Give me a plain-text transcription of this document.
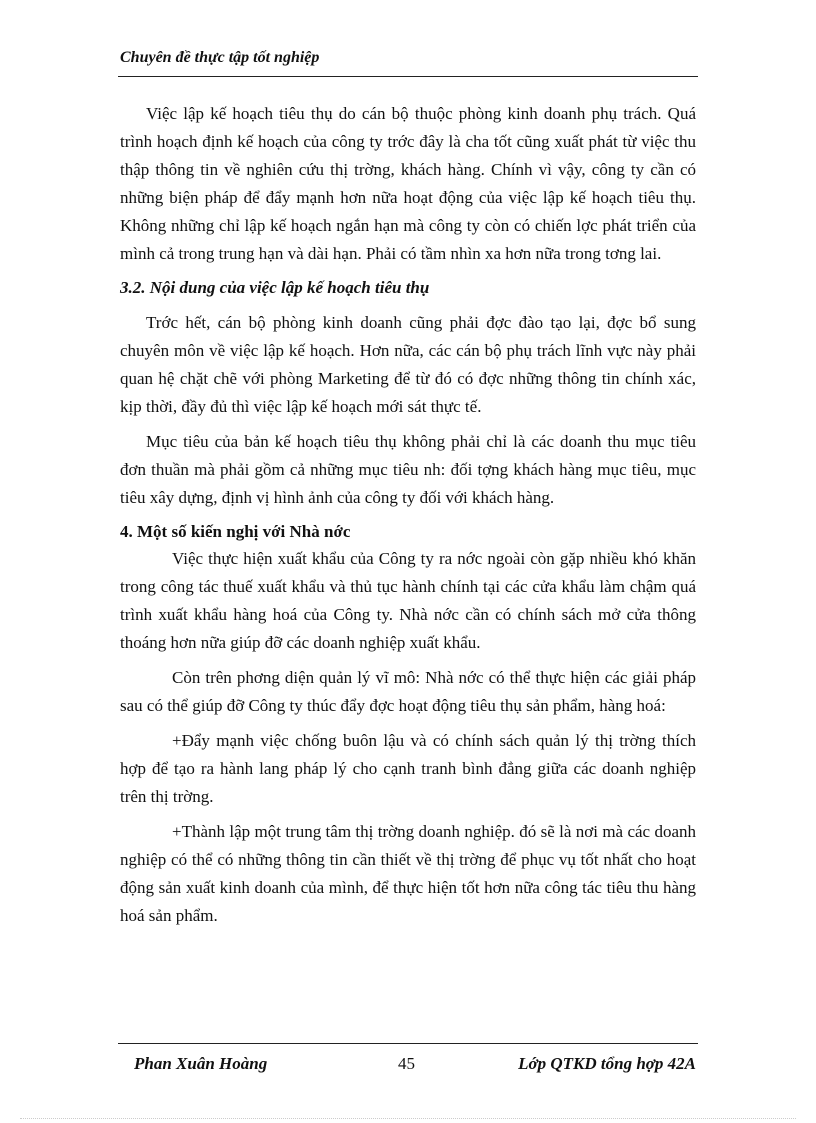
Chuyên đề thực tập tốt nghiệp

Việc lập kế hoạch tiêu thụ do cán bộ thuộc phòng kinh doanh phụ trách. Quá trình hoạch định kế hoạch của công ty trớc đây là cha tốt cũng xuất phát từ việc thu thập thông tin về nghiên cứu thị trờng, khách hàng. Chính vì vậy, công ty cần có những biện pháp để đẩy mạnh hơn nữa hoạt động của việc lập kế hoạch tiêu thụ. Không những chỉ lập kế hoạch ngắn hạn mà công ty còn có chiến lợc phát triển của mình cả trong trung hạn và dài hạn. Phải có tầm nhìn xa hơn nữa trong tơng lai.

3.2. Nội dung của việc lập kế hoạch tiêu thụ

Trớc hết, cán bộ phòng kinh doanh cũng phải đợc đào tạo lại, đợc bổ sung chuyên môn về việc lập kế hoạch. Hơn nữa, các cán bộ phụ trách lĩnh vực này phải quan hệ chặt chẽ với phòng Marketing để từ đó có đợc những thông tin chính xác, kịp thời, đầy đủ thì việc lập kế hoạch mới sát thực tế.

Mục tiêu của bản kế hoạch tiêu thụ không phải chỉ là các doanh thu mục tiêu đơn thuần mà phải gồm cả những mục tiêu nh: đối tợng khách hàng mục tiêu, mục tiêu xây dựng, định vị hình ảnh của công ty đối với khách hàng.

4. Một số kiến nghị với Nhà nớc

Việc thực hiện xuất khẩu của Công ty ra nớc ngoài còn gặp nhiều khó khăn trong công tác thuế xuất khẩu và thủ tục hành chính tại các cửa khẩu làm chậm quá trình xuất khẩu hàng hoá của Công ty. Nhà nớc cần có chính sách mở cửa thông thoáng hơn nữa giúp đỡ các doanh nghiệp xuất khẩu.

Còn trên phơng diện quản lý vĩ mô: Nhà nớc có thể thực hiện các giải pháp sau có thể giúp đỡ Công ty thúc đẩy đợc hoạt động tiêu thụ sản phẩm, hàng hoá:

+Đẩy mạnh việc chống buôn lậu và có chính sách quản lý thị trờng thích hợp để tạo ra hành lang pháp lý cho cạnh tranh bình đẳng giữa các doanh nghiệp trên thị trờng.

+Thành lập một trung tâm thị trờng doanh nghiệp. đó sẽ là nơi mà các doanh nghiệp có thể có những thông tin cần thiết về thị trờng để phục vụ tốt nhất cho hoạt động sản xuất kinh doanh của mình, để thực hiện tốt hơn nữa công tác tiêu thu hàng hoá sản phẩm.

Phan Xuân Hoàng	45	Lớp QTKD tổng hợp 42A
